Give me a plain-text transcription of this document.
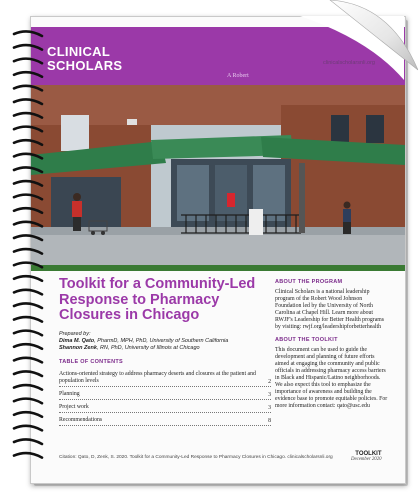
CLINICAL
SCHOLARS
A Robert
clinicalscholarsnli.org
Toolkit for a Community-Led Response to Pharmacy Closures in Chicago
Prepared by:
Dima M. Qato, PharmD, MPH, PhD, University of Southern California
Shannon Zenk, RN, PhD, University of Illinois at Chicago
TABLE OF CONTENTS
Actions-oriented strategy to address pharmacy deserts and closures at the patient and population levels	2
Planning	3
Project work	3
Recommendations	8
ABOUT THE PROGRAM
Clinical Scholars is a national leadership program of the Robert Wood Johnson Foundation led by the University of North Carolina at Chapel Hill. Learn more about RWJF's Leadership for Better Health programs by visiting: rwjf.org/leadershipforbetterhealth
ABOUT THE TOOLKIT
This document can be used to guide the development and planning of future efforts aimed at engaging the community and public officials in addressing pharmacy access barriers in Black and Hispanic/Latino neighborhoods. We also expect this tool to emphasize the importance of awareness and building the evidence base to promote equitable policies. For more information contact: qato@usc.edu
Citation: Qato, D, Zenk, S. 2020. Toolkit for a Community-Led Response to Pharmacy Closures in Chicago. clinicalscholarsnli.org
TOOLKIT
December 2020
